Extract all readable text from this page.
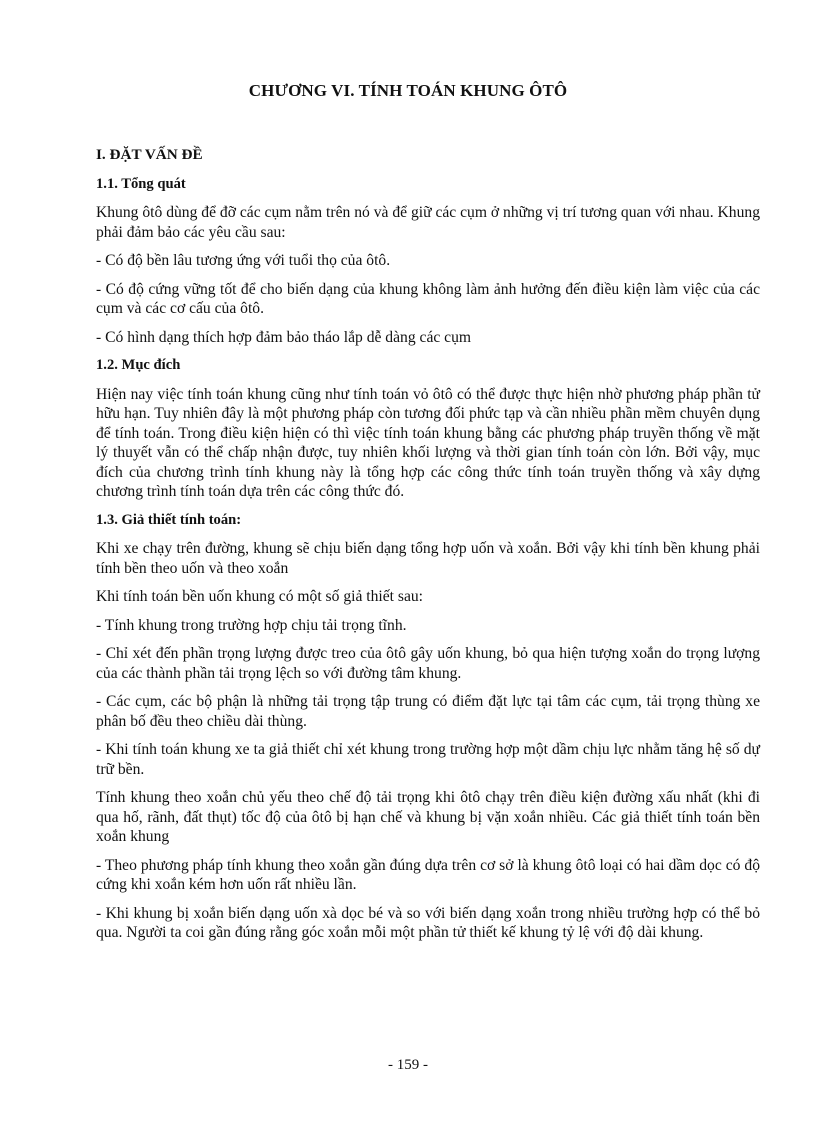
CHƯƠNG VI. TÍNH TOÁN KHUNG ÔTÔ
I. ĐẶT VẤN ĐỀ
1.1. Tổng quát

Khung ôtô dùng để đỡ các cụm nằm trên nó và để giữ các cụm ở những vị trí tương quan với nhau. Khung phải đảm bảo các yêu cầu sau:

- Có độ bền lâu tương ứng với tuổi thọ của ôtô.

- Có độ cứng vững tốt để cho biến dạng của khung không làm ảnh hưởng đến điều kiện làm việc của các cụm và các cơ cấu của ôtô.

- Có hình dạng thích hợp đảm bảo tháo lắp dễ dàng các cụm

1.2. Mục đích

Hiện nay việc tính toán khung cũng như tính toán vỏ ôtô có thể được thực hiện nhờ phương pháp phần tử hữu hạn. Tuy nhiên đây là một phương pháp còn tương đối phức tạp và cần nhiều phần mềm chuyên dụng để tính toán. Trong điều kiện hiện có thì việc tính toán khung bằng các phương pháp truyền thống về mặt lý thuyết vẫn có thể chấp nhận được, tuy nhiên khối lượng và thời gian tính toán còn lớn. Bởi vậy, mục đích của chương trình tính khung này là tổng hợp các công thức tính toán truyền thống và xây dựng chương trình tính toán dựa trên các công thức đó.

1.3. Giả thiết tính toán:

Khi xe chạy trên đường, khung sẽ chịu biến dạng tổng hợp uốn và xoắn. Bởi vậy khi tính bền khung phải tính bền theo uốn và theo xoắn

Khi tính toán bền uốn khung có một số giả thiết sau:

- Tính khung trong trường hợp chịu tải trọng tĩnh.

- Chỉ xét đến phần trọng lượng được treo của ôtô gây uốn khung, bỏ qua hiện tượng xoắn do trọng lượng của các thành phần tải trọng lệch so với đường tâm khung.

- Các cụm, các bộ phận là những tải trọng tập trung có điểm đặt lực tại tâm các cụm, tải trọng thùng xe phân bố đều theo chiều dài thùng.

- Khi tính toán khung xe ta giả thiết chỉ xét khung trong trường hợp một dầm chịu lực nhằm tăng hệ số dự trữ bền.

Tính khung theo xoắn chủ yếu theo chế độ tải trọng khi ôtô chạy trên điều kiện đường xấu nhất (khi đi qua hố, rãnh, đất thụt) tốc độ của ôtô bị hạn chế và khung bị vặn xoắn nhiều. Các giả thiết tính toán bền xoắn khung

- Theo phương pháp tính khung theo xoắn gần đúng dựa trên cơ sở là khung ôtô loại có hai dầm dọc có độ cứng khi xoắn kém hơn uốn rất nhiều lần.

- Khi khung bị xoắn biến dạng uốn xà dọc bé và so với biến dạng xoắn trong nhiều trường hợp có thể bỏ qua. Người ta coi gần đúng rằng góc xoắn mỗi một phần tử thiết kế khung tỷ lệ với độ dài khung.

- 159 -
